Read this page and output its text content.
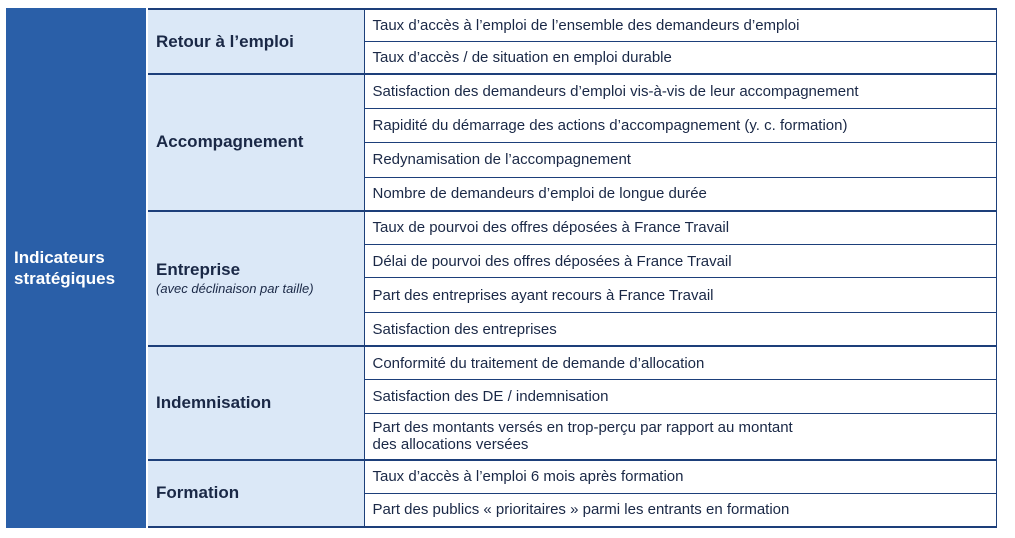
Indicateurs
stratégiques
Retour à l’emploi	Taux d’accès à l’emploi de l’ensemble des demandeurs d’emploi
	Taux d’accès / de situation en emploi durable

Accompagnement	Satisfaction des demandeurs d’emploi vis-à-vis de leur accompagnement
	Rapidité du démarrage des actions d’accompagnement (y. c. formation)
	Redynamisation de l’accompagnement
	Nombre de demandeurs d’emploi de longue durée

Entreprise
(avec déclinaison par taille)	Taux de pourvoi des offres déposées à France Travail
	Délai de pourvoi des offres déposées à France Travail
	Part des entreprises ayant recours à France Travail
	Satisfaction des entreprises

Indemnisation	Conformité du traitement de demande d’allocation
	Satisfaction des DE / indemnisation
	Part des montants versés en trop-perçu par rapport au montant
des allocations versées

Formation	Taux d’accès à l’emploi 6 mois après formation
	Part des publics « prioritaires » parmi les entrants en formation
